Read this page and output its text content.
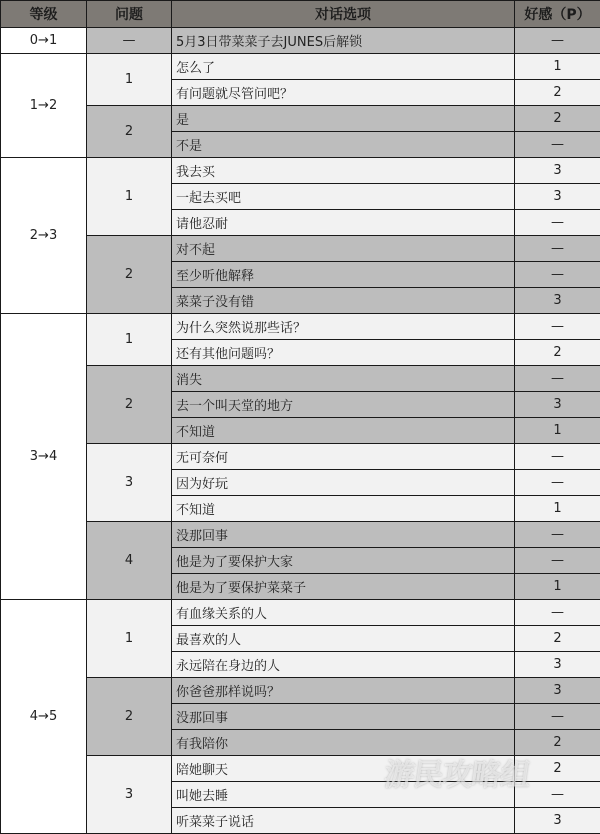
等级	问题	对话选项	好感（P）
0→1	—	5月3日带菜菜子去JUNES后解锁	—
1→2	1	怎么了	1
		有问题就尽管问吧？	2
	2	是	2
		不是	—
2→3	1	我去买	3
		一起去买吧	3
		请他忍耐	—
	2	对不起	—
		至少听他解释	—
		菜菜子没有错	3
3→4	1	为什么突然说那些话？	—
		还有其他问题吗？	2
	2	消失	—
		去一个叫天堂的地方	3
		不知道	1
	3	无可奈何	—
		因为好玩	—
		不知道	1
	4	没那回事	—
		他是为了要保护大家	—
		他是为了要保护菜菜子	1
4→5	1	有血缘关系的人	—
		最喜欢的人	2
		永远陪在身边的人	3
	2	你爸爸那样说吗？	3
		没那回事	—
		有我陪你	2
	3	陪她聊天	2
		叫她去睡	—
		听菜菜子说话	3
游民攻略组
